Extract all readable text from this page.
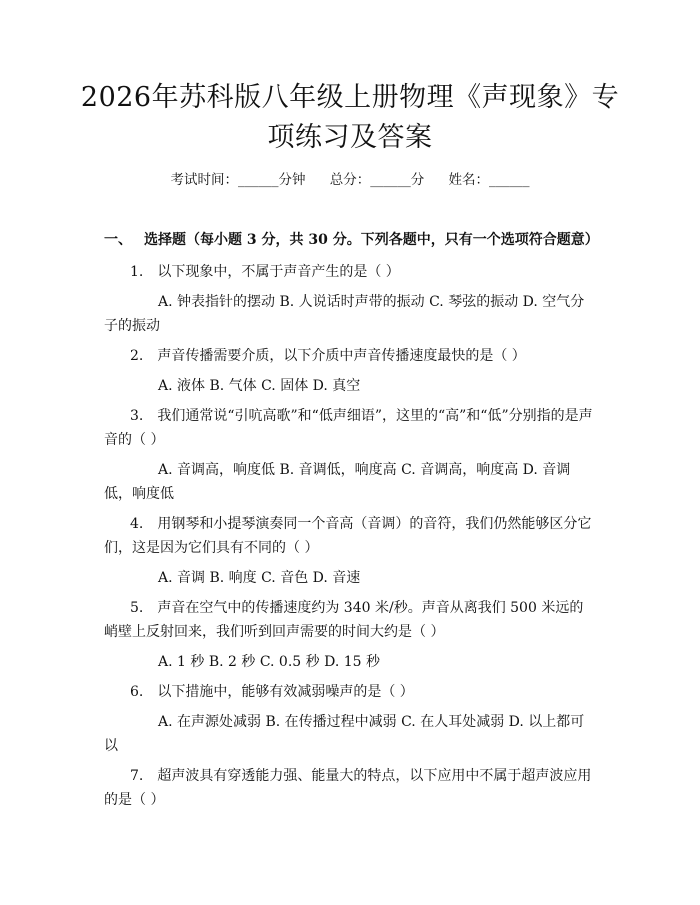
2026年苏科版八年级上册物理《声现象》专项练习及答案
考试时间：______分钟 总分：______分 姓名：______
一、 选择题（每小题 3 分，共 30 分。下列各题中，只有一个选项符合题意）
1.　以下现象中，不属于声音产生的是（ ）
A. 钟表指针的摆动 B. 人说话时声带的振动 C. 琴弦的振动 D. 空气分子的振动
2.　声音传播需要介质，以下介质中声音传播速度最快的是（ ）
A. 液体 B. 气体 C. 固体 D. 真空
3.　我们通常说“引吭高歌”和“低声细语”，这里的“高”和“低”分别指的是声音的（ ）
A. 音调高，响度低 B. 音调低，响度高 C. 音调高，响度高 D. 音调低，响度低
4.　用钢琴和小提琴演奏同一个音高（音调）的音符，我们仍然能够区分它们，这是因为它们具有不同的（ ）
A. 音调 B. 响度 C. 音色 D. 音速
5.　声音在空气中的传播速度约为 340 米/秒。声音从离我们 500 米远的峭壁上反射回来，我们听到回声需要的时间大约是（ ）
A. 1 秒 B. 2 秒 C. 0.5 秒 D. 15 秒
6.　以下措施中，能够有效减弱噪声的是（ ）
A. 在声源处减弱 B. 在传播过程中减弱 C. 在人耳处减弱 D. 以上都可以
7.　超声波具有穿透能力强、能量大的特点，以下应用中不属于超声波应用的是（ ）
